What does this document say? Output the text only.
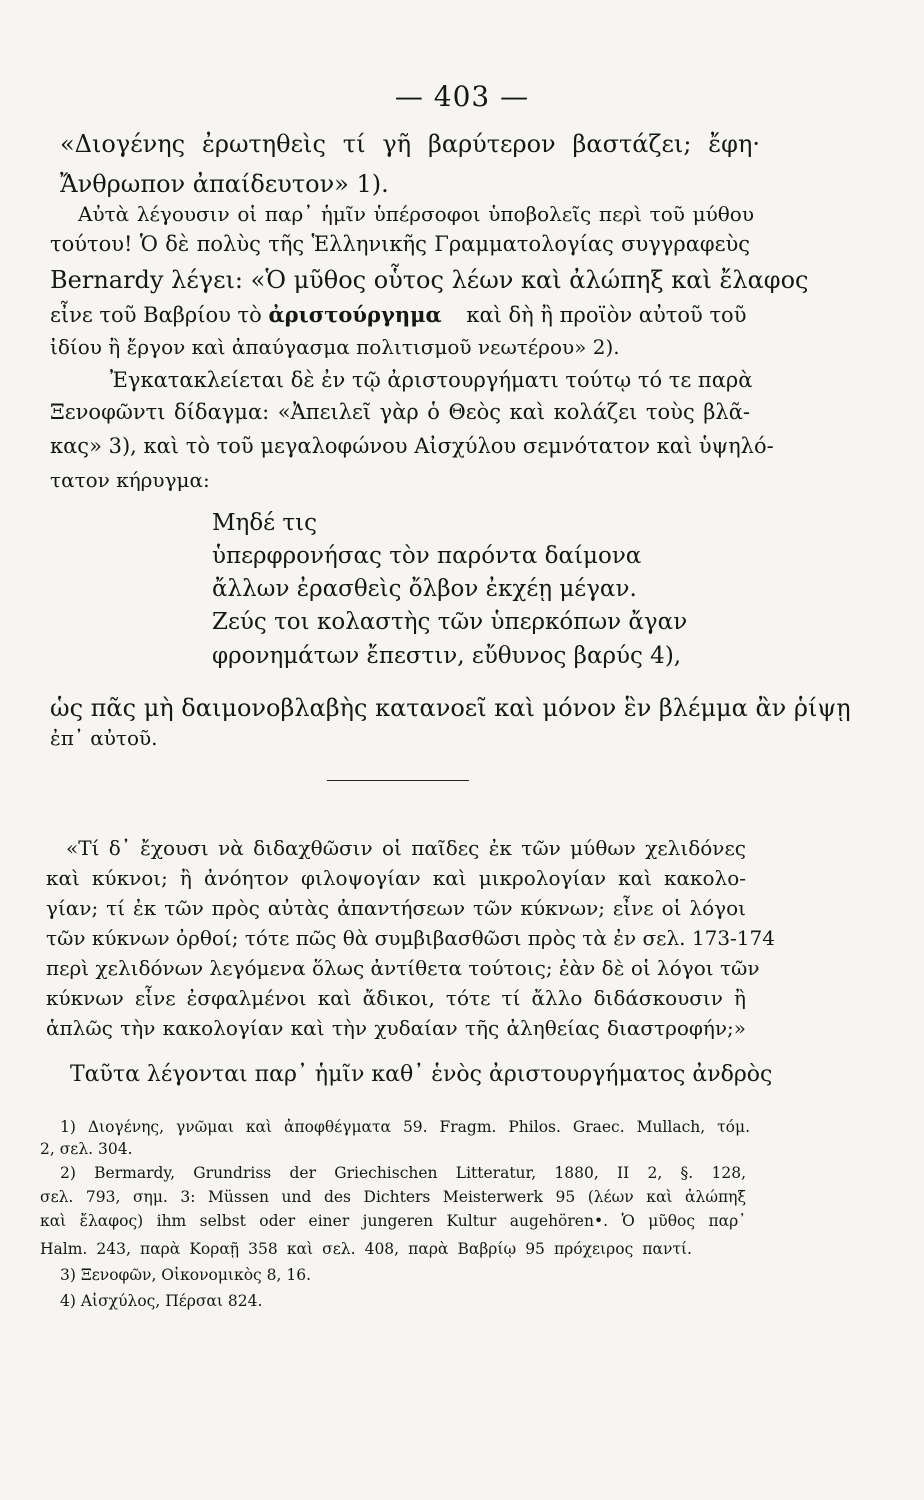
— 403 —
«Διογένης ἐρωτηθεὶς τί γῆ βαρύτερον βαστάζει; ἔφη·
Ἄνθρωπον ἀπαίδευτον» 1).
Αὐτὰ λέγουσιν οἱ παρ᾽ ἡμῖν ὑπέρσοφοι ὑποβολεῖς περὶ τοῦ μύθου
τούτου! Ὁ δὲ πολὺς τῆς Ἑλληνικῆς Γραμματολογίας συγγραφεὺς
Bernardy λέγει: «Ὁ μῦθος οὗτος λέων καὶ ἀλώπηξ καὶ ἔλαφος
εἶνε τοῦ Βαβρίου τὸ ἀριστούργημα καὶ δὴ ἢ προϊὸν αὐτοῦ τοῦ
ἰδίου ἢ ἔργον καὶ ἀπαύγασμα πολιτισμοῦ νεωτέρου» 2).
Ἐγκατακλείεται δὲ ἐν τῷ ἀριστουργήματι τούτῳ τό τε παρὰ
Ξενοφῶντι δίδαγμα: «Ἀπειλεῖ γὰρ ὁ Θεὸς καὶ κολάζει τοὺς βλᾶ-
κας» 3), καὶ τὸ τοῦ μεγαλοφώνου Αἰσχύλου σεμνότατον καὶ ὑψηλό-
τατον κήρυγμα:
Μηδέ τις
ὑπερφρονήσας τὸν παρόντα δαίμονα
ἄλλων ἐρασθεὶς ὄλβον ἐκχέῃ μέγαν.
Ζεύς τοι κολαστὴς τῶν ὑπερκόπων ἄγαν
φρονημάτων ἔπεστιν, εὔθυνος βαρύς 4),
ὡς πᾶς μὴ δαιμονοβλαβὴς κατανοεῖ καὶ μόνον ἓν βλέμμα ἂν ῥίψῃ
ἐπ᾽ αὐτοῦ.
«Τί δ᾽ ἔχουσι νὰ διδαχθῶσιν οἱ παῖδες ἐκ τῶν μύθων χελιδόνες
καὶ κύκνοι; ἢ ἀνόητον φιλοψογίαν καὶ μικρολογίαν καὶ κακολο-
γίαν; τί ἐκ τῶν πρὸς αὐτὰς ἀπαντήσεων τῶν κύκνων; εἶνε οἱ λόγοι
τῶν κύκνων ὀρθοί; τότε πῶς θὰ συμβιβασθῶσι πρὸς τὰ ἐν σελ. 173-174
περὶ χελιδόνων λεγόμενα ὅλως ἀντίθετα τούτοις; ἐὰν δὲ οἱ λόγοι τῶν
κύκνων εἶνε ἐσφαλμένοι καὶ ἄδικοι, τότε τί ἄλλο διδάσκουσιν ἢ
ἁπλῶς τὴν κακολογίαν καὶ τὴν χυδαίαν τῆς ἀληθείας διαστροφήν;»
Ταῦτα λέγονται παρ᾽ ἡμῖν καθ᾽ ἑνὸς ἀριστουργήματος ἀνδρὸς
1) Διογένης, γνῶμαι καὶ ἀποφθέγματα 59. Fragm. Philos. Graec. Mullach, τόμ.
2, σελ. 304.
2) Bermardy, Grundriss der Griechischen Litteratur, 1880, II 2, §. 128,
σελ. 793, σημ. 3: Müssen und des Dichters Meisterwerk 95 (λέων καὶ ἀλώπηξ
καὶ ἔλαφος) ihm selbst oder einer jungeren Kultur augehören•. Ὁ μῦθος παρ᾽
Halm. 243, παρὰ Κοραῇ 358 καὶ σελ. 408, παρὰ Βαβρίῳ 95 πρόχειρος παντί.
3) Ξενοφῶν, Οἰκονομικὸς 8, 16.
4) Αἰσχύλος, Πέρσαι 824.
